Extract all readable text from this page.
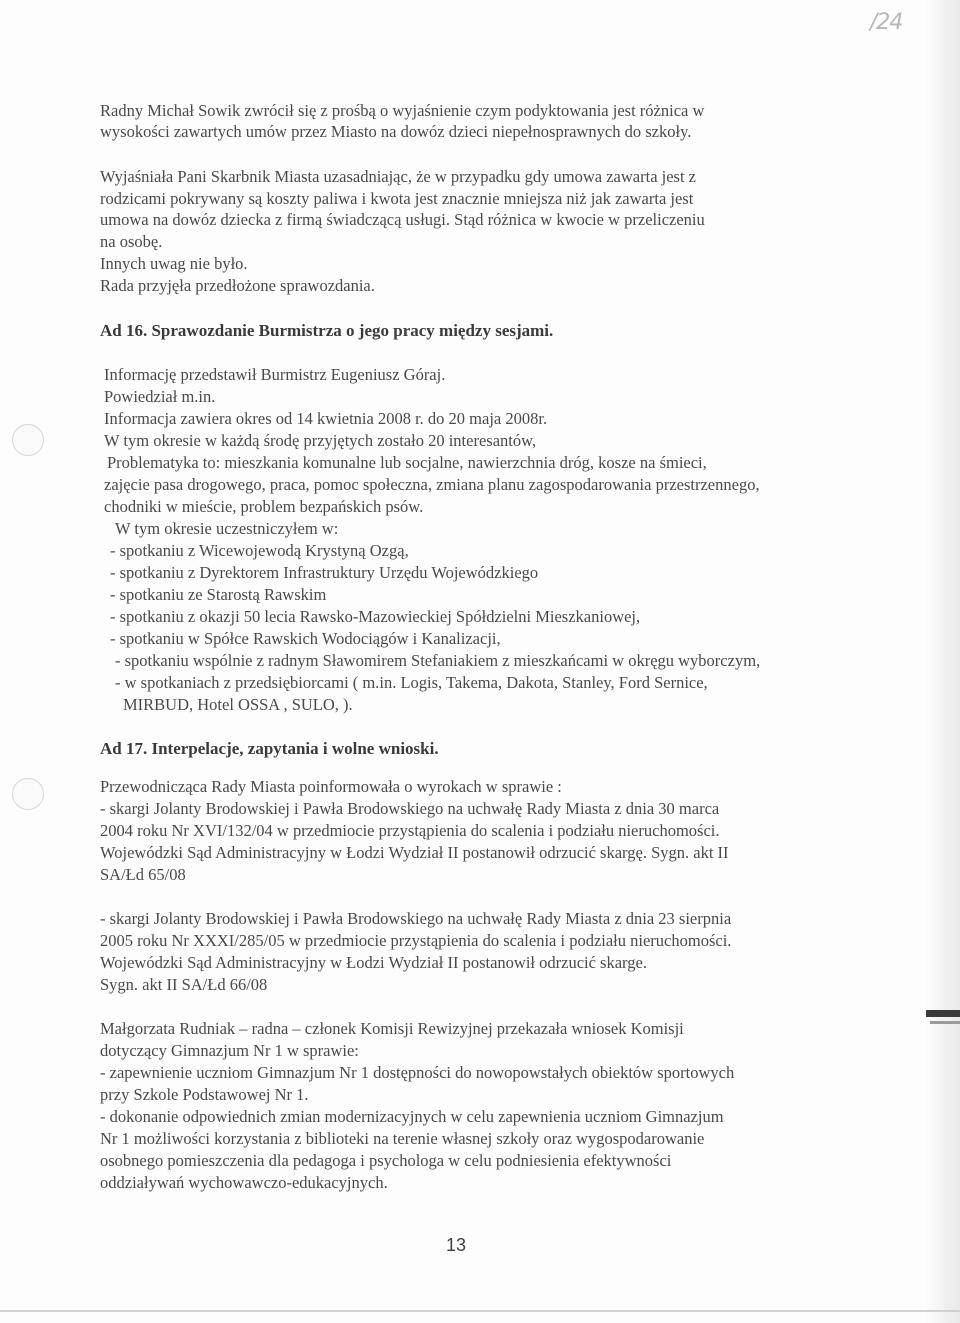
/24

Radny Michał Sowik zwrócił się z prośbą o wyjaśnienie czym podyktowania jest różnica w

wysokości zawartych umów przez Miasto na dowóz dzieci niepełnosprawnych do szkoły.

Wyjaśniała Pani Skarbnik Miasta uzasadniając, że w przypadku gdy umowa zawarta jest z

rodzicami pokrywany są koszty paliwa i kwota jest znacznie mniejsza niż jak zawarta jest

umowa na dowóz dziecka z firmą świadczącą usługi. Stąd różnica w kwocie w przeliczeniu

na osobę.

Innych uwag nie było.

Rada przyjęła przedłożone sprawozdania.

Ad 16. Sprawozdanie Burmistrza o jego pracy między sesjami.

Informację przedstawił Burmistrz Eugeniusz Góraj.

Powiedział m.in.

Informacja zawiera okres od 14 kwietnia 2008 r. do 20 maja 2008r.

W tym okresie w każdą środę przyjętych zostało 20 interesantów,

Problematyka to: mieszkania komunalne lub socjalne, nawierzchnia dróg, kosze na śmieci,

zajęcie pasa drogowego, praca, pomoc społeczna, zmiana planu zagospodarowania przestrzennego,

chodniki w mieście, problem bezpańskich psów.

W tym okresie uczestniczyłem w:

- spotkaniu z Wicewojewodą Krystyną Ozgą,

- spotkaniu z Dyrektorem Infrastruktury Urzędu Wojewódzkiego

- spotkaniu ze Starostą Rawskim

- spotkaniu z okazji 50 lecia Rawsko-Mazowieckiej Spółdzielni Mieszkaniowej,

- spotkaniu w Spółce Rawskich Wodociągów i Kanalizacji,

- spotkaniu wspólnie z radnym Sławomirem Stefaniakiem z mieszkańcami w okręgu wyborczym,

- w spotkaniach z przedsiębiorcami ( m.in. Logis, Takema, Dakota, Stanley, Ford Sernice,

MIRBUD, Hotel OSSA , SULO, ).

Ad 17. Interpelacje, zapytania i wolne wnioski.

Przewodnicząca Rady Miasta poinformowała o wyrokach w sprawie :

- skargi Jolanty Brodowskiej i Pawła Brodowskiego na uchwałę Rady Miasta z dnia 30 marca

2004 roku Nr XVI/132/04 w przedmiocie przystąpienia do scalenia i podziału nieruchomości.

Wojewódzki Sąd Administracyjny w Łodzi Wydział II postanowił odrzucić skargę. Sygn. akt II

SA/Łd 65/08

- skargi Jolanty Brodowskiej i Pawła Brodowskiego na uchwałę Rady Miasta z dnia 23 sierpnia

2005 roku Nr XXXI/285/05 w przedmiocie przystąpienia do scalenia i podziału nieruchomości.

Wojewódzki Sąd Administracyjny w Łodzi Wydział II postanowił odrzucić skarge.

Sygn. akt II SA/Łd 66/08

Małgorzata Rudniak – radna – członek Komisji Rewizyjnej przekazała wniosek Komisji

dotyczący Gimnazjum Nr 1 w sprawie:

- zapewnienie uczniom Gimnazjum Nr 1 dostępności do nowopowstałych obiektów sportowych

przy Szkole Podstawowej Nr 1.

- dokonanie odpowiednich zmian modernizacyjnych w celu zapewnienia uczniom Gimnazjum

Nr 1 możliwości korzystania z biblioteki na terenie własnej szkoły oraz wygospodarowanie

osobnego pomieszczenia dla pedagoga i psychologa w celu podniesienia efektywności

oddziaływań wychowawczo-edukacyjnych.

13
